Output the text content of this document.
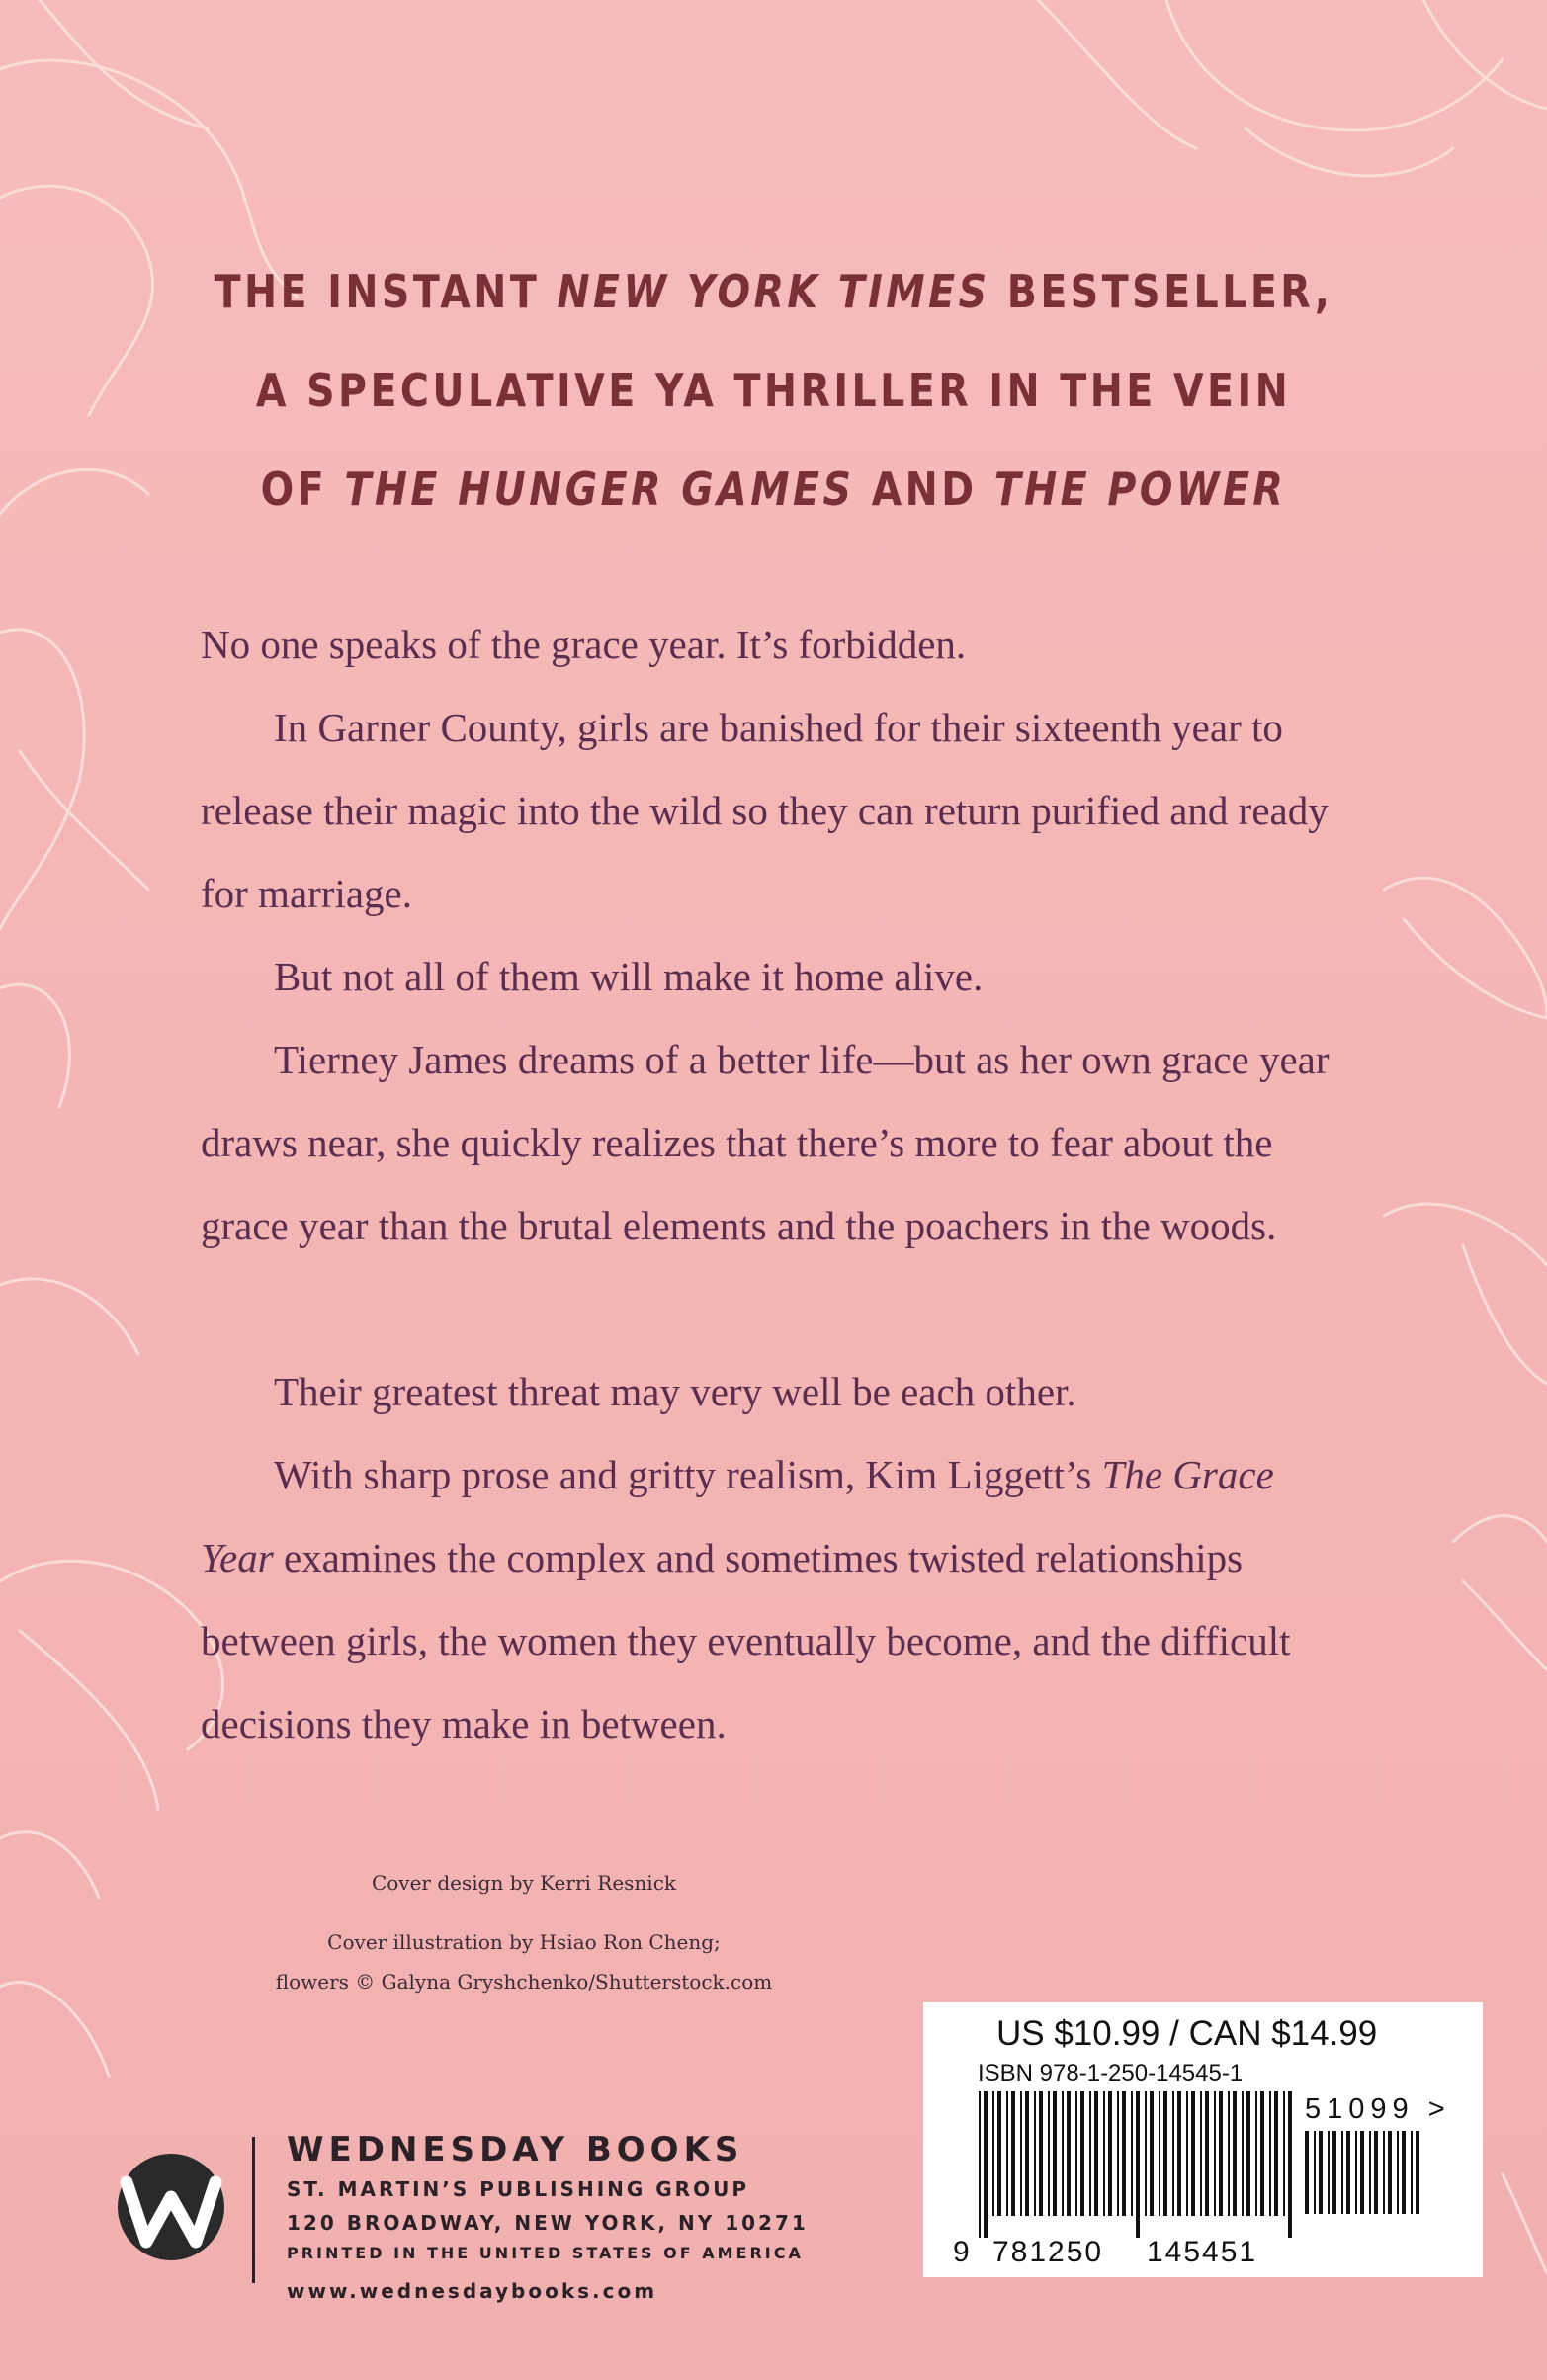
THE INSTANT NEW YORK TIMES BESTSELLER,
A SPECULATIVE YA THRILLER IN THE VEIN
OF THE HUNGER GAMES AND THE POWER

No one speaks of the grace year. It’s forbidden.

In Garner County, girls are banished for their sixteenth year to release their magic into the wild so they can return purified and ready for marriage.

But not all of them will make it home alive.

Tierney James dreams of a better life—but as her own grace year draws near, she quickly realizes that there’s more to fear about the grace year than the brutal elements and the poachers in the woods.

Their greatest threat may very well be each other.

With sharp prose and gritty realism, Kim Liggett’s The Grace Year examines the complex and sometimes twisted relationships between girls, the women they eventually become, and the difficult decisions they make in between.

Cover design by Kerri Resnick
Cover illustration by Hsiao Ron Cheng;
flowers © Galyna Gryshchenko/Shutterstock.com
WEDNESDAY BOOKS
ST. MARTIN’S PUBLISHING GROUP
120 BROADWAY, NEW YORK, NY 10271
PRINTED IN THE UNITED STATES OF AMERICA
www.wednesdaybooks.com
US $10.99 / CAN $14.99
ISBN 978-1-250-14545-1
51099 >
9 781250 145451
